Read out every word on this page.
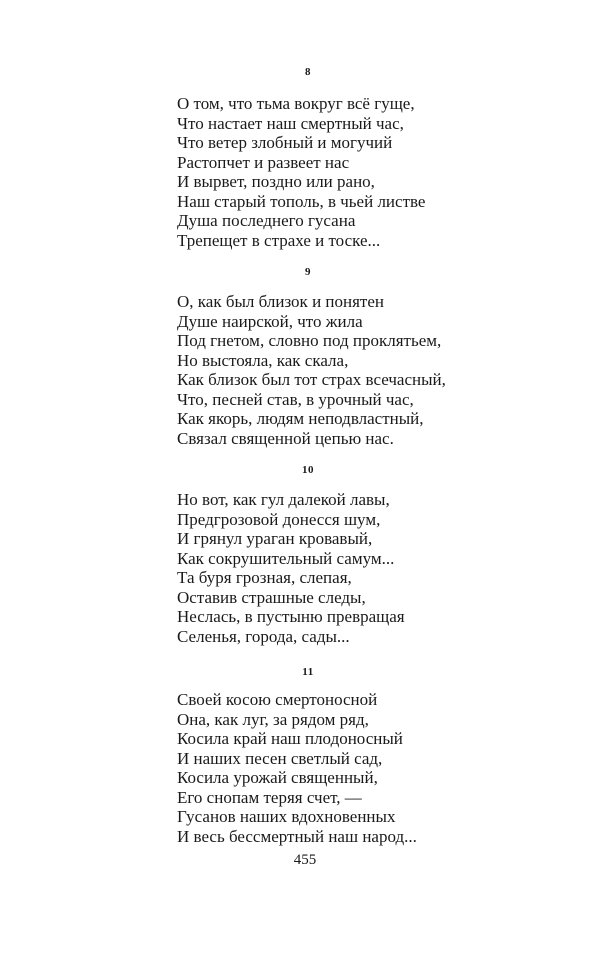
8
О том, что тьма вокруг всё гуще,
Что настает наш смертный час,
Что ветер злобный и могучий
Растопчет и развеет нас
И вырвет, поздно или рано,
Наш старый тополь, в чьей листве
Душа последнего гусана
Трепещет в страхе и тоске...
9
О, как был близок и понятен
Душе наирской, что жила
Под гнетом, словно под проклятьем,
Но выстояла, как скала,
Как близок был тот страх всечасный,
Что, песней став, в урочный час,
Как якорь, людям неподвластный,
Связал священной цепью нас.
10
Но вот, как гул далекой лавы,
Предгрозовой донесся шум,
И грянул ураган кровавый,
Как сокрушительный самум...
Та буря грозная, слепая,
Оставив страшные следы,
Неслась, в пустыню превращая
Селенья, города, сады...
11
Своей косою смертоносной
Она, как луг, за рядом ряд,
Косила край наш плодоносный
И наших песен светлый сад,
Косила урожай священный,
Его снопам теряя счет, —
Гусанов наших вдохновенных
И весь бессмертный наш народ...
455
